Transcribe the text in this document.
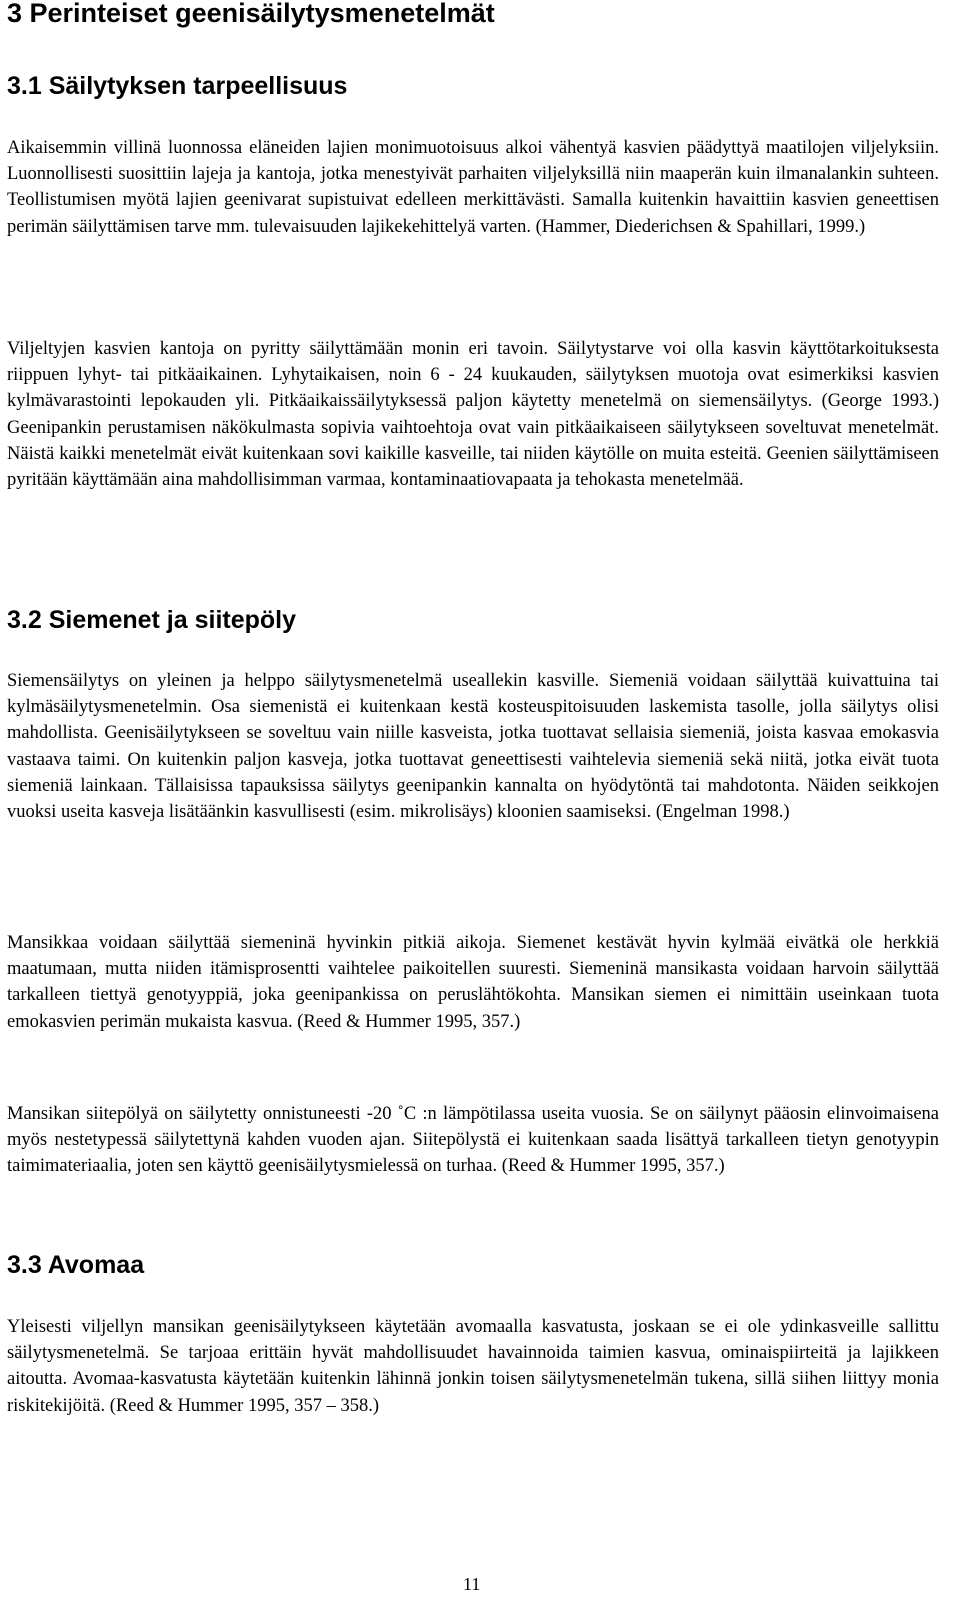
3 Perinteiset geenisäilytysmenetelmät
3.1 Säilytyksen tarpeellisuus

Aikaisemmin villinä luonnossa eläneiden lajien monimuotoisuus alkoi vähentyä kasvien päädyttyä maatilojen viljelyksiin. Luonnollisesti suosittiin lajeja ja kantoja, jotka menestyivät parhaiten viljelyksillä niin maaperän kuin ilmanalankin suhteen. Teollistumisen myötä lajien geenivarat supistuivat edelleen merkittävästi. Samalla kuitenkin havaittiin kasvien geneettisen perimän säilyttämisen tarve mm. tulevaisuuden lajikekehittelyä varten. (Hammer, Diederichsen & Spahillari, 1999.)

Viljeltyjen kasvien kantoja on pyritty säilyttämään monin eri tavoin. Säilytystarve voi olla kasvin käyttötarkoituksesta riippuen lyhyt- tai pitkäaikainen. Lyhytaikaisen, noin 6 - 24 kuukauden, säilytyksen muotoja ovat esimerkiksi kasvien kylmävarastointi lepokauden yli. Pitkäaikaissäilytyksessä paljon käytetty menetelmä on siemensäilytys. (George 1993.) Geenipankin perustamisen näkökulmasta sopivia vaihtoehtoja ovat vain pitkäaikaiseen säilytykseen soveltuvat menetelmät. Näistä kaikki menetelmät eivät kuitenkaan sovi kaikille kasveille, tai niiden käytölle on muita esteitä. Geenien säilyttämiseen pyritään käyttämään aina mahdollisimman varmaa, kontaminaatiovapaata ja tehokasta menetelmää.

3.2 Siemenet ja siitepöly

Siemensäilytys on yleinen ja helppo säilytysmenetelmä useallekin kasville. Siemeniä voidaan säilyttää kuivattuina tai kylmäsäilytysmenetelmin. Osa siemenistä ei kuitenkaan kestä kosteuspitoisuuden laskemista tasolle, jolla säilytys olisi mahdollista. Geenisäilytykseen se soveltuu vain niille kasveista, jotka tuottavat sellaisia siemeniä, joista kasvaa emokasvia vastaava taimi. On kuitenkin paljon kasveja, jotka tuottavat geneettisesti vaihtelevia siemeniä sekä niitä, jotka eivät tuota siemeniä lainkaan. Tällaisissa tapauksissa säilytys geenipankin kannalta on hyödytöntä tai mahdotonta. Näiden seikkojen vuoksi useita kasveja lisätäänkin kasvullisesti (esim. mikrolisäys) kloonien saamiseksi. (Engelman 1998.)

Mansikkaa voidaan säilyttää siemeninä hyvinkin pitkiä aikoja. Siemenet kestävät hyvin kylmää eivätkä ole herkkiä maatumaan, mutta niiden itämisprosentti vaihtelee paikoitellen suuresti. Siemeninä mansikasta voidaan harvoin säilyttää tarkalleen tiettyä genotyyppiä, joka geenipankissa on peruslähtökohta. Mansikan siemen ei nimittäin useinkaan tuota emokasvien perimän mukaista kasvua. (Reed & Hummer 1995, 357.)

Mansikan siitepölyä on säilytetty onnistuneesti -20 ˚C :n lämpötilassa useita vuosia. Se on säilynyt pääosin elinvoimaisena myös nestetypessä säilytettynä kahden vuoden ajan. Siitepölystä ei kuitenkaan saada lisättyä tarkalleen tietyn genotyypin taimimateriaalia, joten sen käyttö geenisäilytysmielessä on turhaa. (Reed & Hummer 1995, 357.)

3.3 Avomaa

Yleisesti viljellyn mansikan geenisäilytykseen käytetään avomaalla kasvatusta, joskaan se ei ole ydinkasveille sallittu säilytysmenetelmä. Se tarjoaa erittäin hyvät mahdollisuudet havainnoida taimien kasvua, ominaispiirteitä ja lajikkeen aitoutta. Avomaa-kasvatusta käytetään kuitenkin lähinnä jonkin toisen säilytysmenetelmän tukena, sillä siihen liittyy monia riskitekijöitä. (Reed & Hummer 1995, 357 – 358.)

11
